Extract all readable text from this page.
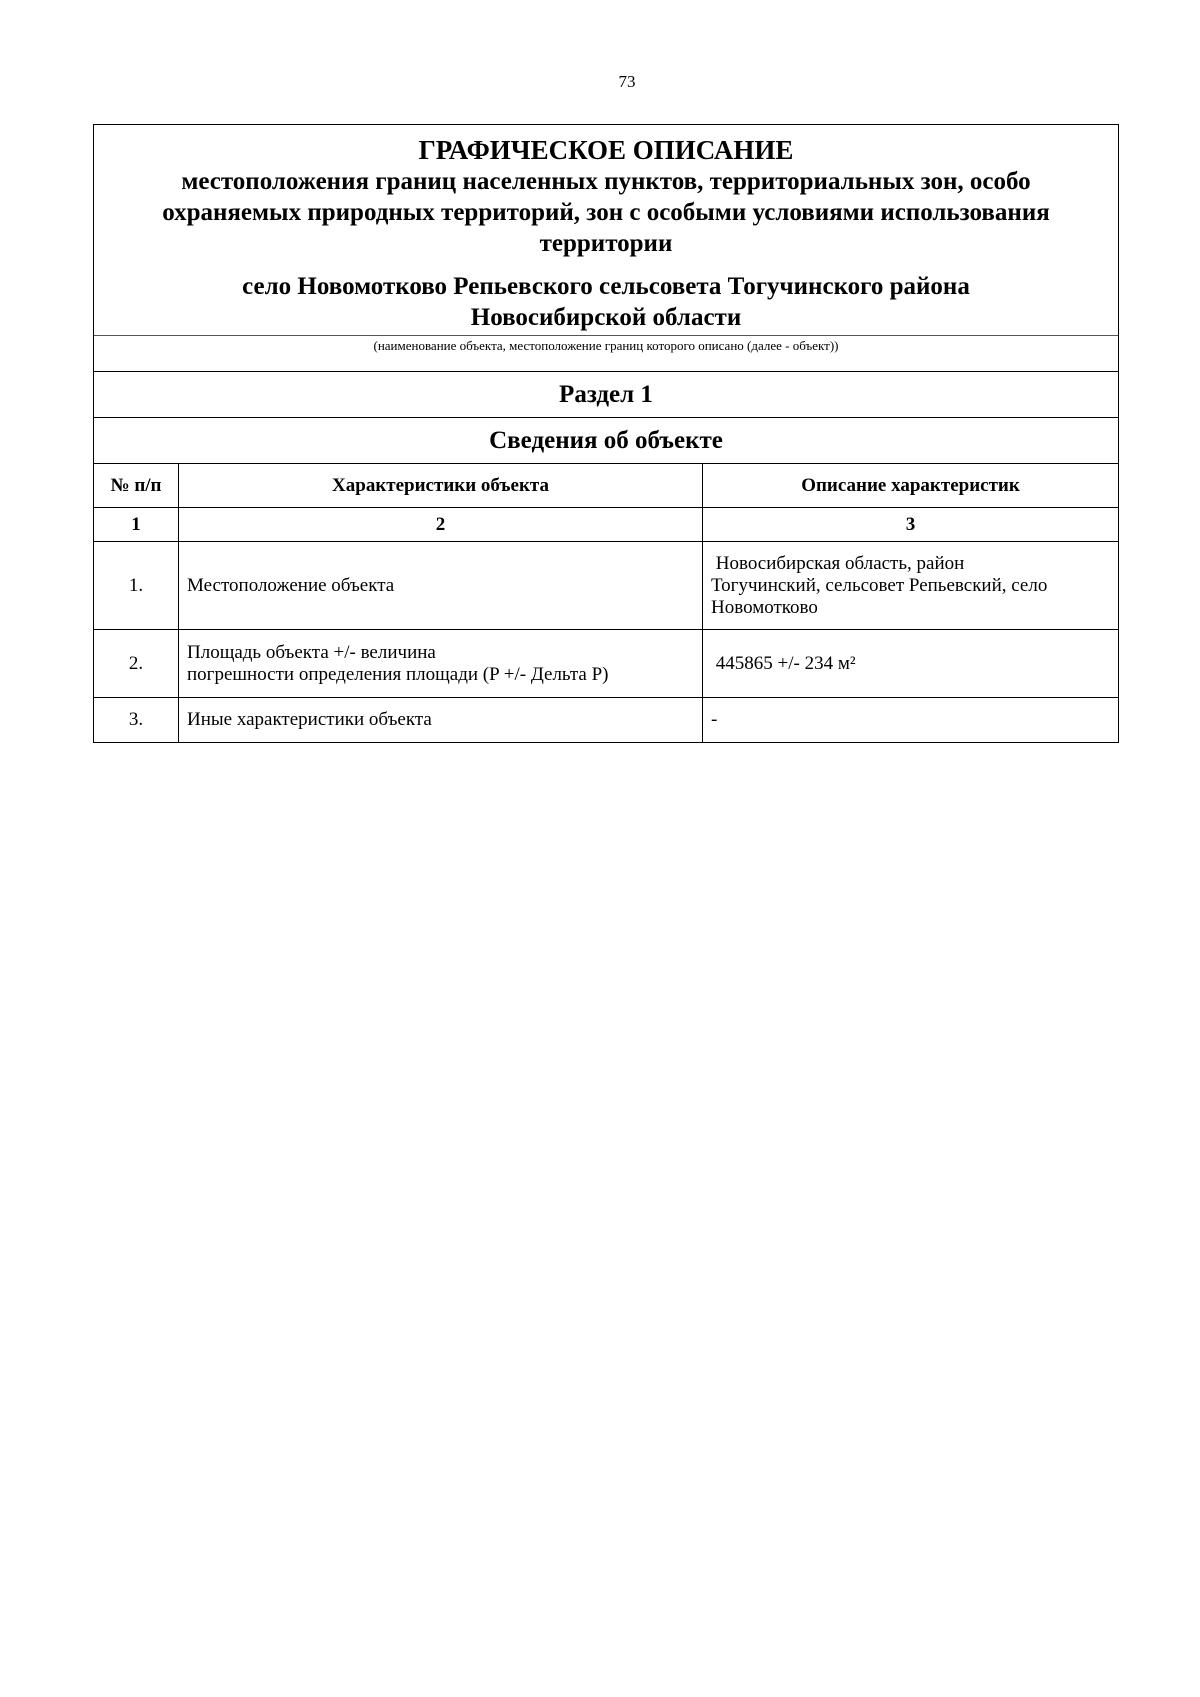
73
ГРАФИЧЕСКОЕ ОПИСАНИЕ
местоположения границ населенных пунктов, территориальных зон, особо
охраняемых природных территорий, зон с особыми условиями использования
территории
село Новомотково Репьевского сельсовета Тогучинского района
Новосибирской области
(наименование объекта, местоположение границ которого описано (далее - объект))
Раздел 1
Сведения об объекте
№ п/п	Характеристики объекта	Описание характеристик
1	2	3
1.	Местоположение объекта	Новосибирская область, район
Тогучинский, сельсовет Репьевский, село
Новомотково

2.	Площадь объекта +/- величина
погрешности определения площади (P +/- Дельта P)	445865 +/- 234 м²

3.	Иные характеристики объекта	-
